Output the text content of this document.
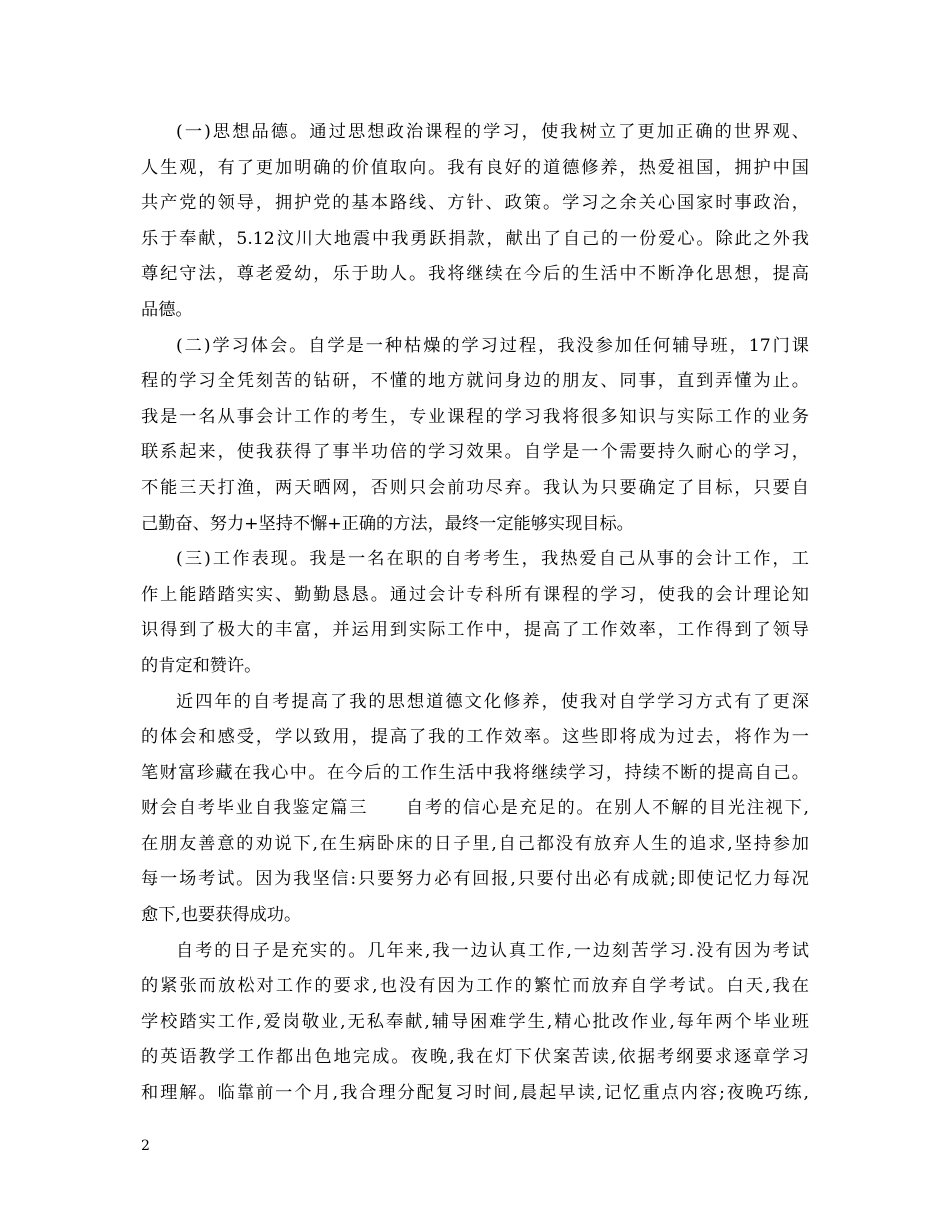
(一)思想品德。通过思想政治课程的学习，使我树立了更加正确的世界观、
人生观，有了更加明确的价值取向。我有良好的道德修养，热爱祖国，拥护中国
共产党的领导，拥护党的基本路线、方针、政策。学习之余关心国家时事政治，
乐于奉献，5.12汶川大地震中我勇跃捐款，献出了自己的一份爱心。除此之外我
尊纪守法，尊老爱幼，乐于助人。我将继续在今后的生活中不断净化思想，提高
品德。
(二)学习体会。自学是一种枯燥的学习过程，我没参加任何辅导班，17门课
程的学习全凭刻苦的钻研，不懂的地方就问身边的朋友、同事，直到弄懂为止。
我是一名从事会计工作的考生，专业课程的学习我将很多知识与实际工作的业务
联系起来，使我获得了事半功倍的学习效果。自学是一个需要持久耐心的学习，
不能三天打渔，两天晒网，否则只会前功尽弃。我认为只要确定了目标，只要自
己勤奋、努力+坚持不懈+正确的方法，最终一定能够实现目标。
(三)工作表现。我是一名在职的自考考生，我热爱自己从事的会计工作，工
作上能踏踏实实、勤勤恳恳。通过会计专科所有课程的学习，使我的会计理论知
识得到了极大的丰富，并运用到实际工作中，提高了工作效率，工作得到了领导
的肯定和赞许。
近四年的自考提高了我的思想道德文化修养，使我对自学学习方式有了更深
的体会和感受，学以致用，提高了我的工作效率。这些即将成为过去，将作为一
笔财富珍藏在我心中。在今后的工作生活中我将继续学习，持续不断的提高自己。
财会自考毕业自我鉴定篇三　　自考的信心是充足的。在别人不解的目光注视下,
在朋友善意的劝说下,在生病卧床的日子里,自己都没有放弃人生的追求,坚持参加
每一场考试。因为我坚信:只要努力必有回报,只要付出必有成就;即使记忆力每况
愈下,也要获得成功。
自考的日子是充实的。几年来,我一边认真工作,一边刻苦学习.没有因为考试
的紧张而放松对工作的要求,也没有因为工作的繁忙而放弃自学考试。白天,我在
学校踏实工作,爱岗敬业,无私奉献,辅导困难学生,精心批改作业,每年两个毕业班
的英语教学工作都出色地完成。夜晚,我在灯下伏案苦读,依据考纲要求逐章学习
和理解。临靠前一个月,我合理分配复习时间,晨起早读,记忆重点内容;夜晚巧练,
2
